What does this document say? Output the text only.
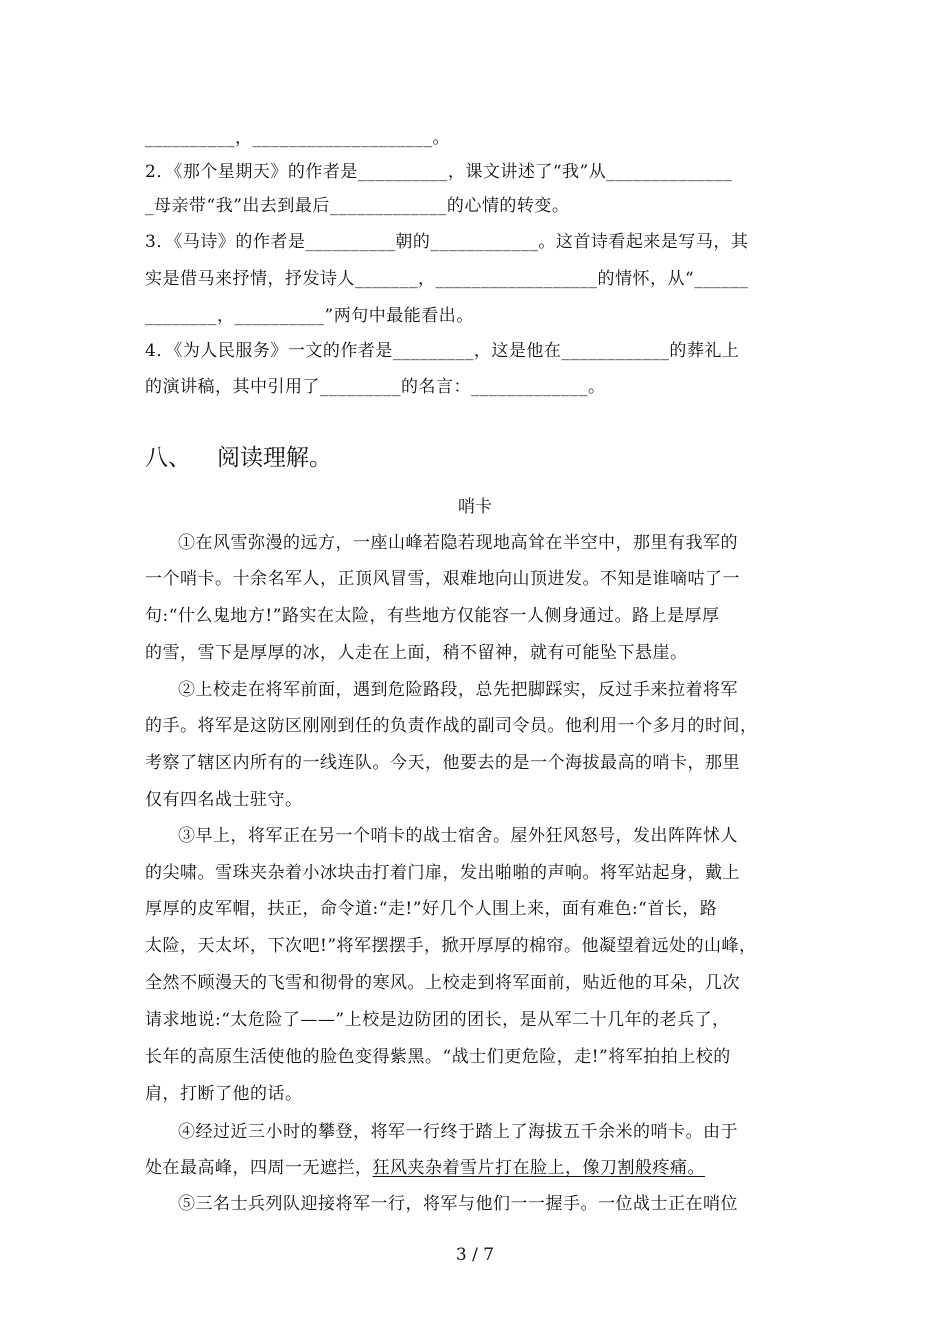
__________，____________________。
2．《那个星期天》的作者是__________，课文讲述了“我”从______________
_母亲带“我”出去到最后_____________的心情的转变。
3．《马诗》的作者是__________朝的____________。这首诗看起来是写马，其
实是借马来抒情，抒发诗人_______，__________________的情怀，从“______
________，__________”两句中最能看出。
4．《为人民服务》一文的作者是_________，这是他在____________的葬礼上
的演讲稿，其中引用了_________的名言：_____________。
八、 阅读理解。
哨卡
①在风雪弥漫的远方，一座山峰若隐若现地高耸在半空中，那里有我军的
一个哨卡。十余名军人，正顶风冒雪，艰难地向山顶进发。不知是谁嘀咕了一
句:“什么鬼地方!”路实在太险，有些地方仅能容一人侧身通过。路上是厚厚
的雪，雪下是厚厚的冰，人走在上面，稍不留神，就有可能坠下悬崖。
②上校走在将军前面，遇到危险路段，总先把脚踩实，反过手来拉着将军
的手。将军是这防区刚刚到任的负责作战的副司令员。他利用一个多月的时间，
考察了辖区内所有的一线连队。今天，他要去的是一个海拔最高的哨卡，那里
仅有四名战士驻守。
③早上，将军正在另一个哨卡的战士宿舍。屋外狂风怒号，发出阵阵怵人
的尖啸。雪珠夹杂着小冰块击打着门扉，发出啪啪的声响。将军站起身，戴上
厚厚的皮军帽，扶正，命令道:“走!”好几个人围上来，面有难色:“首长，路
太险，天太坏，下次吧!”将军摆摆手，掀开厚厚的棉帘。他凝望着远处的山峰，
全然不顾漫天的飞雪和彻骨的寒风。上校走到将军面前，贴近他的耳朵，几次
请求地说:“太危险了——”上校是边防团的团长，是从军二十几年的老兵了，
长年的高原生活使他的脸色变得紫黑。“战士们更危险，走!”将军拍拍上校的
肩，打断了他的话。
④经过近三小时的攀登，将军一行终于踏上了海拔五千余米的哨卡。由于
处在最高峰，四周一无遮拦，狂风夹杂着雪片打在脸上，像刀割般疼痛。
⑤三名士兵列队迎接将军一行，将军与他们一一握手。一位战士正在哨位
3 / 7
